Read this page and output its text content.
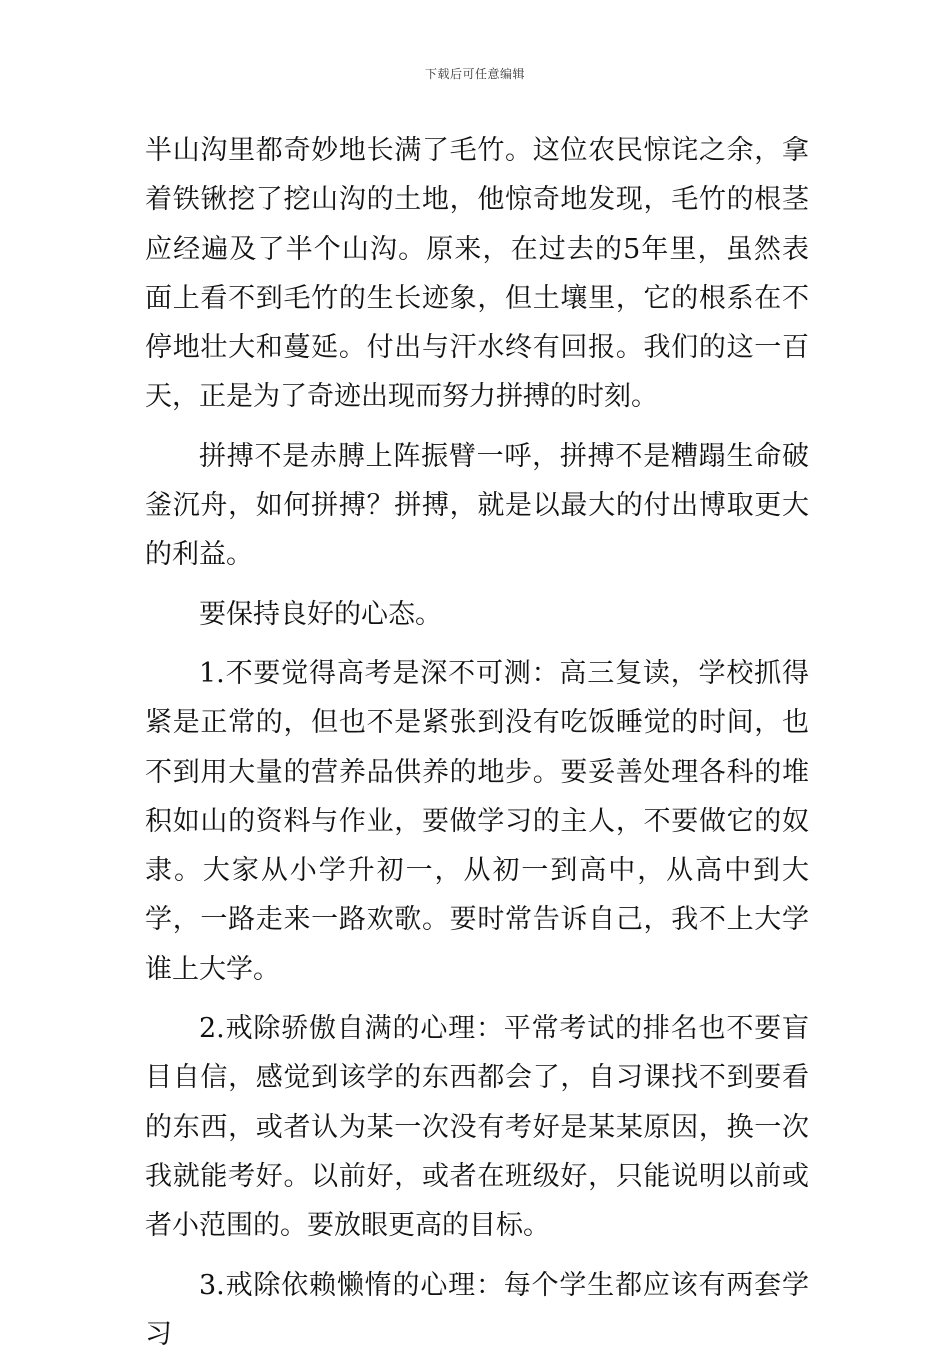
下载后可任意编辑

半山沟里都奇妙地长满了毛竹。这位农民惊诧之余，拿着铁锹挖了挖山沟的土地，他惊奇地发现，毛竹的根茎应经遍及了半个山沟。原来，在过去的5年里，虽然表面上看不到毛竹的生长迹象，但土壤里，它的根系在不停地壮大和蔓延。付出与汗水终有回报。我们的这一百天，正是为了奇迹出现而努力拼搏的时刻。

拼搏不是赤膊上阵振臂一呼，拼搏不是糟蹋生命破釜沉舟，如何拼搏？拼搏，就是以最大的付出博取更大的利益。

要保持良好的心态。

1.不要觉得高考是深不可测：高三复读，学校抓得紧是正常的，但也不是紧张到没有吃饭睡觉的时间，也不到用大量的营养品供养的地步。要妥善处理各科的堆积如山的资料与作业，要做学习的主人，不要做它的奴隶。大家从小学升初一，从初一到高中，从高中到大学，一路走来一路欢歌。要时常告诉自己，我不上大学谁上大学。

2.戒除骄傲自满的心理：平常考试的排名也不要盲目自信，感觉到该学的东西都会了，自习课找不到要看的东西，或者认为某一次没有考好是某某原因，换一次我就能考好。以前好，或者在班级好，只能说明以前或者小范围的。要放眼更高的目标。

3.戒除依赖懒惰的心理：每个学生都应该有两套学习
